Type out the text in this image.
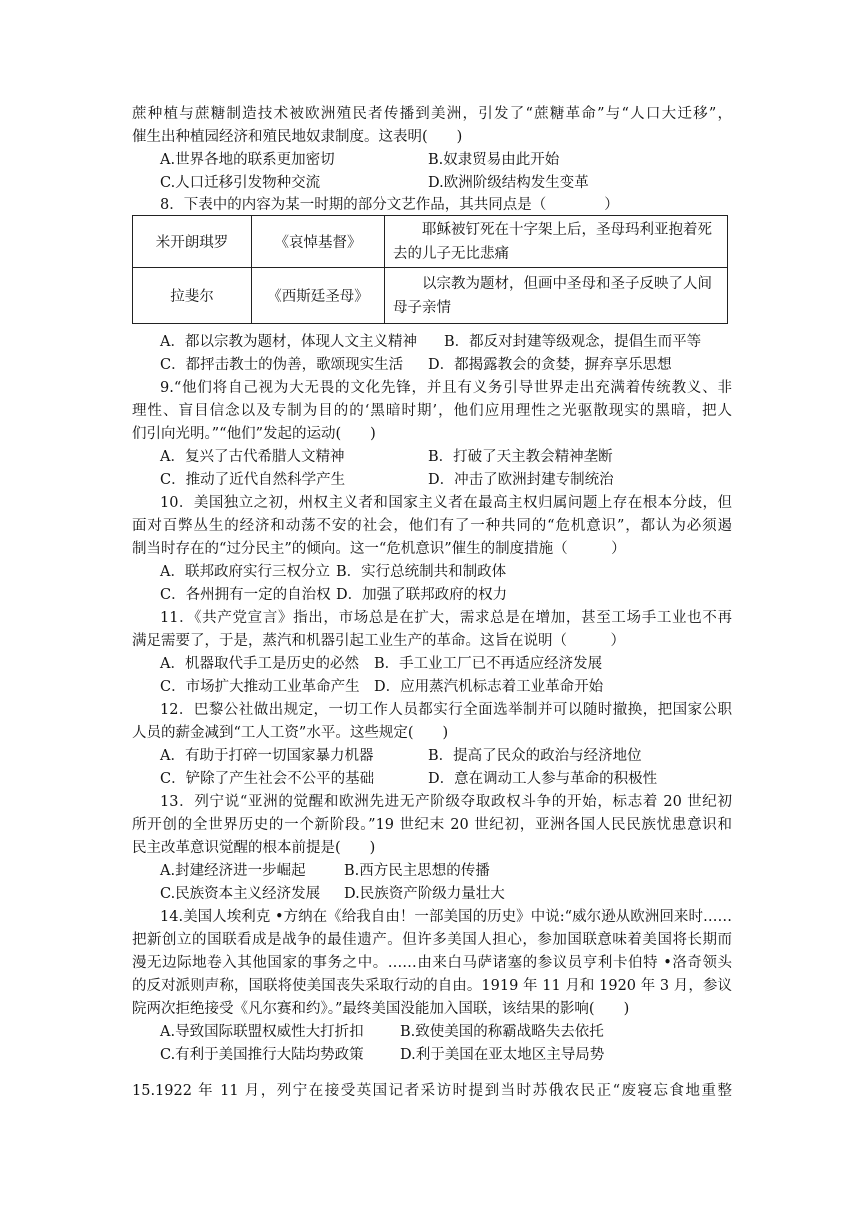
蔗种植与蔗糖制造技术被欧洲殖民者传播到美洲，引发了“蔗糖革命”与“人口大迁移”，
催生出种植园经济和殖民地奴隶制度。这表明(　　)
A.世界各地的联系更加密切	B.奴隶贸易由此开始
C.人口迁移引发物种交流	D.欧洲阶级结构发生变革
8．下表中的内容为某一时期的部分文艺作品，其共同点是（　　　　）
米开朗琪罗	《哀悼基督》	耶稣被钉死在十字架上后，圣母玛利亚抱着死去的儿子无比悲痛
拉斐尔	《西斯廷圣母》	以宗教为题材，但画中圣母和圣子反映了人间母子亲情
A．都以宗教为题材，体现人文主义精神 B．都反对封建等级观念，提倡生而平等
C．都抨击教士的伪善，歌颂现实生活 D．都揭露教会的贪婪，摒弃享乐思想
9.“他们将自己视为大无畏的文化先锋，并且有义务引导世界走出充满着传统教义、非
理性、盲目信念以及专制为目的的‘黑暗时期’，他们应用理性之光驱散现实的黑暗，把人
们引向光明。”“他们”发起的运动(　　)
A．复兴了古代希腊人文精神	B．打破了天主教会精神垄断
C．推动了近代自然科学产生	D．冲击了欧洲封建专制统治
10．美国独立之初，州权主义者和国家主义者在最高主权归属问题上存在根本分歧，但
面对百弊丛生的经济和动荡不安的社会，他们有了一种共同的“危机意识”，都认为必须遏
制当时存在的“过分民主”的倾向。这一“危机意识”催生的制度措施（　　　）
A．联邦政府实行三权分立 B．实行总统制共和制政体
C．各州拥有一定的自治权 D．加强了联邦政府的权力
11．《共产党宣言》指出，市场总是在扩大，需求总是在增加，甚至工场手工业也不再
满足需要了，于是，蒸汽和机器引起工业生产的革命。这旨在说明（　　　）
A．机器取代手工是历史的必然 B．手工业工厂已不再适应经济发展
C．市场扩大推动工业革命产生 D．应用蒸汽机标志着工业革命开始
12．巴黎公社做出规定，一切工作人员都实行全面选举制并可以随时撤换，把国家公职
人员的薪金减到“工人工资”水平。这些规定(　　)
A．有助于打碎一切国家暴力机器	B．提高了民众的政治与经济地位
C．铲除了产生社会不公平的基础	D．意在调动工人参与革命的积极性
13．列宁说“亚洲的觉醒和欧洲先进无产阶级夺取政权斗争的开始，标志着 20 世纪初
所开创的全世界历史的一个新阶段。”19 世纪末 20 世纪初，亚洲各国人民民族忧患意识和
民主改革意识觉醒的根本前提是(　　)
A.封建经济进一步崛起	B.西方民主思想的传播
C.民族资本主义经济发展 D.民族资产阶级力量壮大
14.美国人埃利克 •方纳在《给我自由！一部美国的历史》中说:“威尔逊从欧洲回来时……
把新创立的国联看成是战争的最佳遗产。但许多美国人担心，参加国联意味着美国将长期而
漫无边际地卷入其他国家的事务之中。……由来白马萨诸塞的参议员亨利卡伯特 •洛奇领头
的反对派则声称，国联将使美国丧失采取行动的自由。1919 年 11 月和 1920 年 3 月，参议
院两次拒绝接受《凡尔赛和约》。”最终美国没能加入国联，该结果的影响(　　)
A.导致国际联盟权威性大打折扣	B.致使美国的称霸战略失去依托
C.有利于美国推行大陆均势政策	D.利于美国在亚太地区主导局势
15.1922 年 11 月，列宁在接受英国记者采访时提到当时苏俄农民正“废寝忘食地重整
